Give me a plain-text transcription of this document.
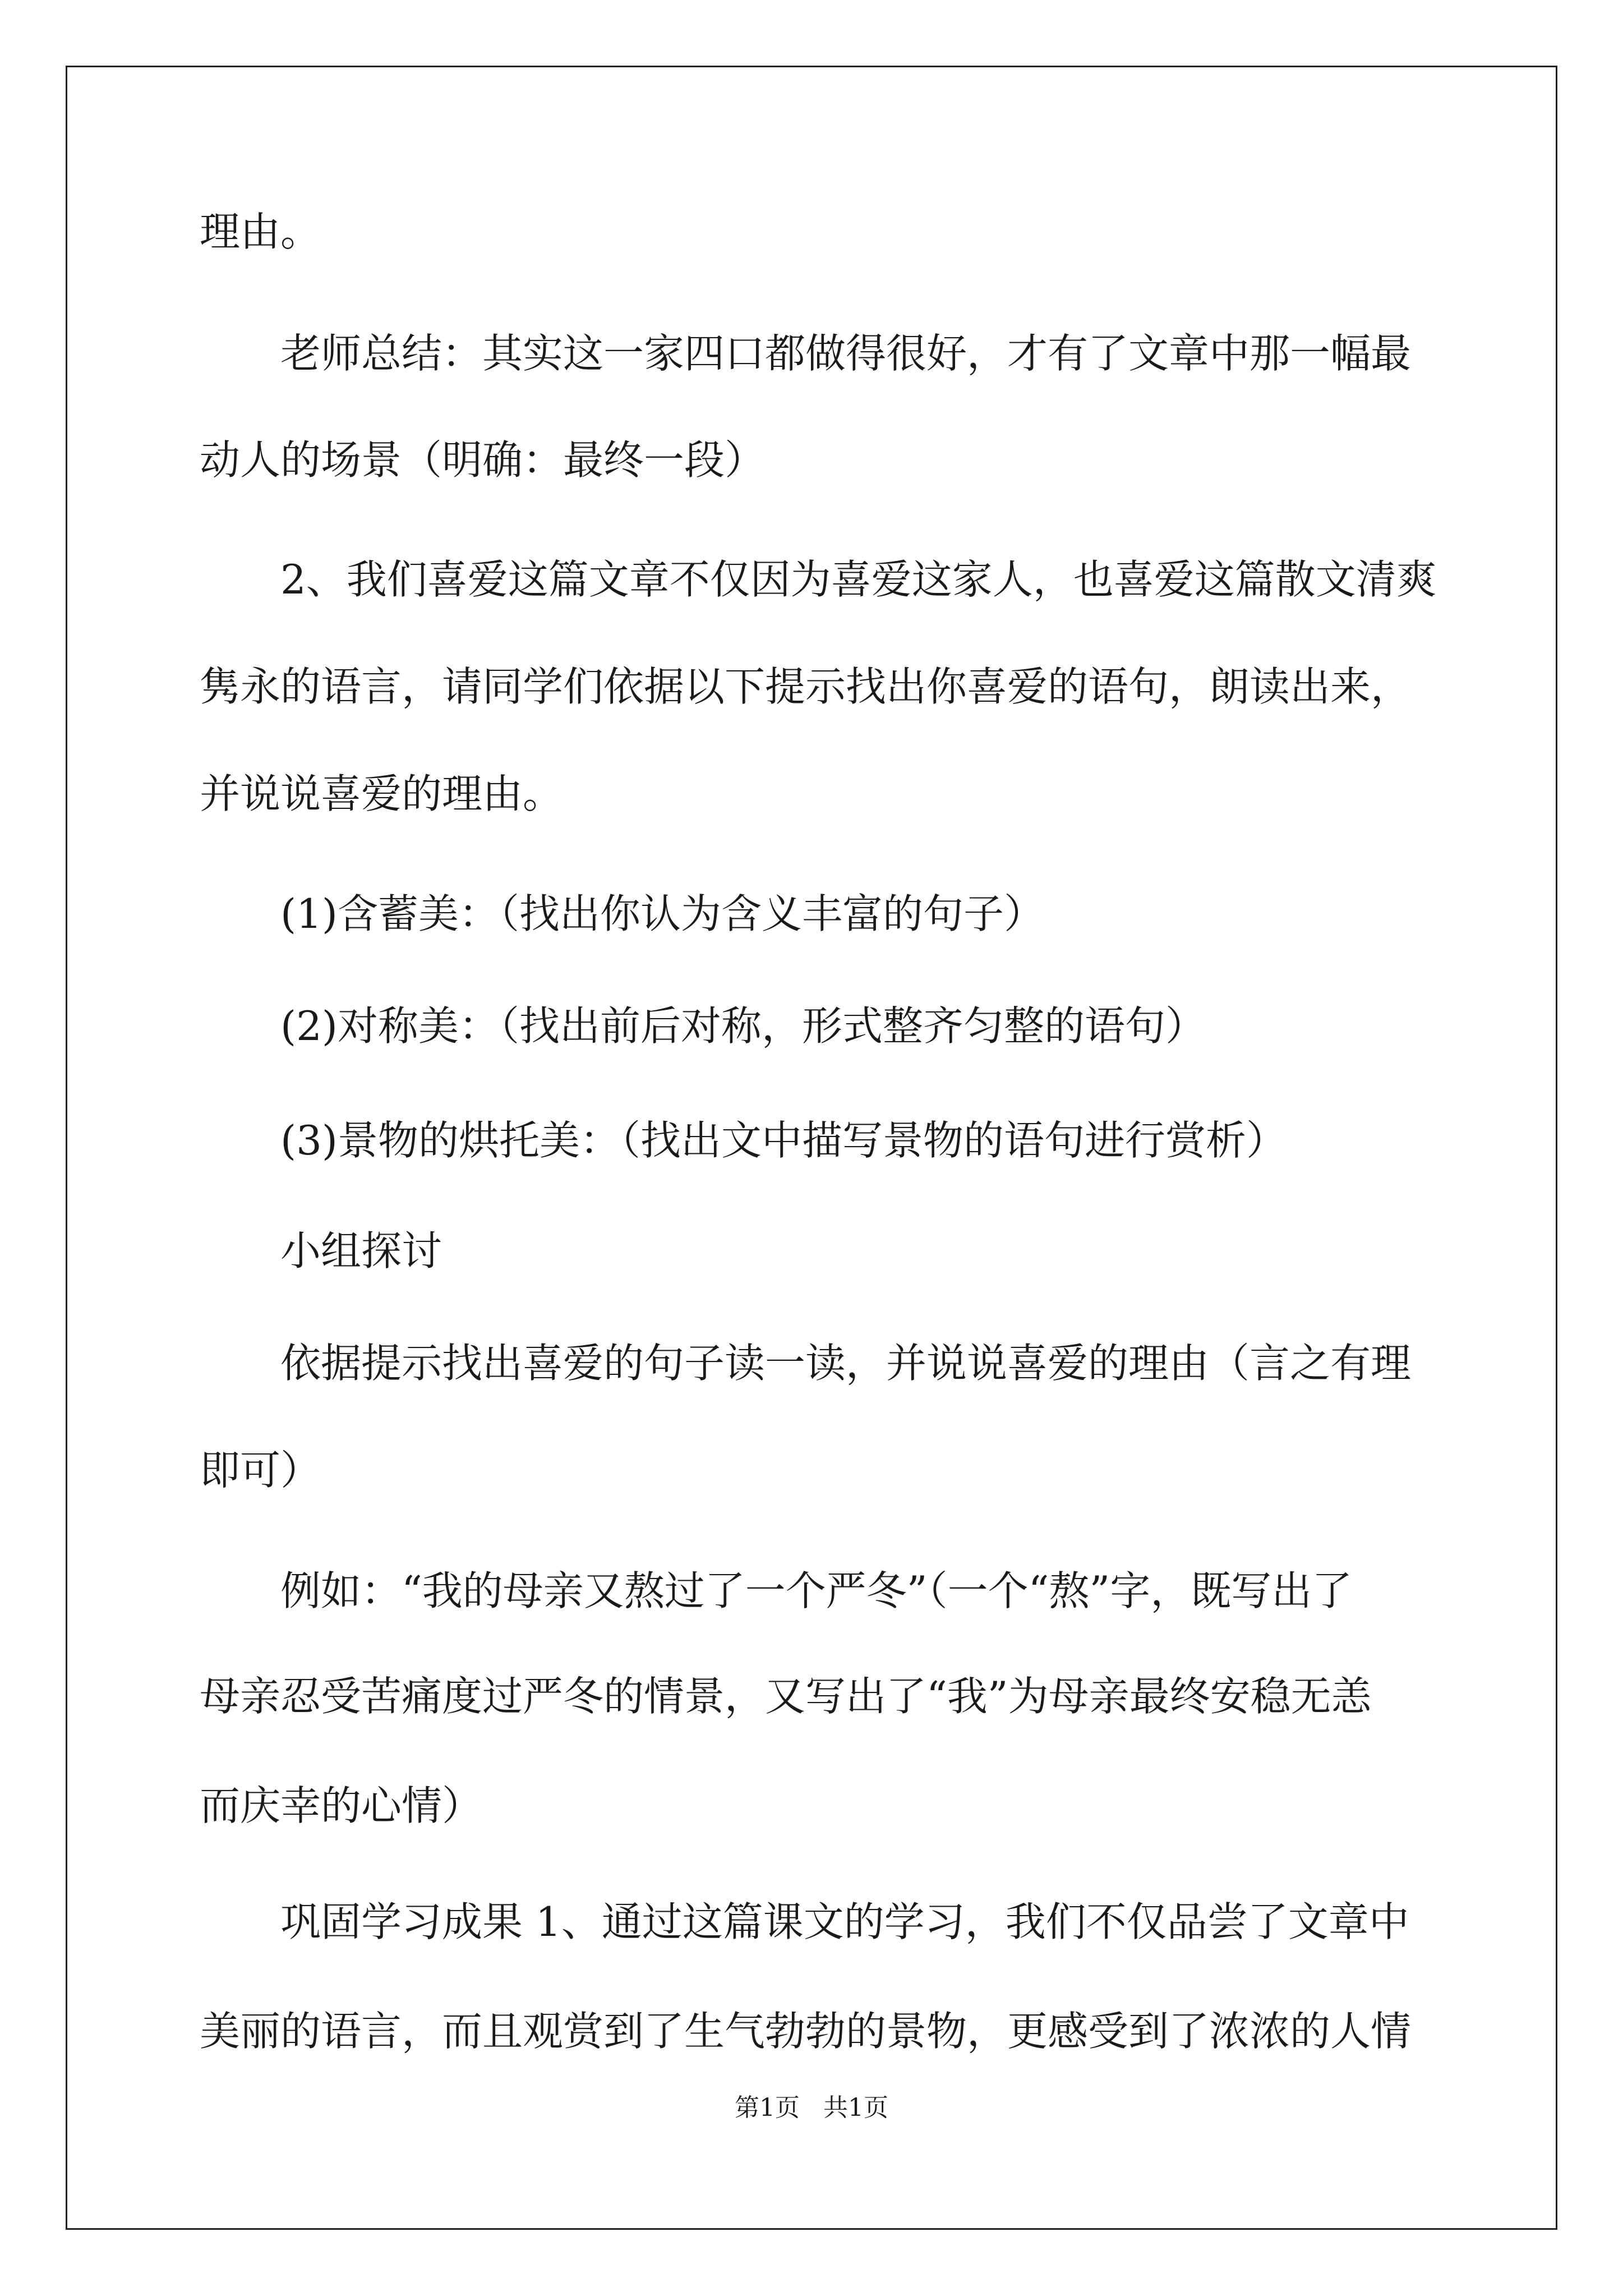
理由。
老师总结：其实这一家四口都做得很好，才有了文章中那一幅最
动人的场景（明确：最终一段）
2、我们喜爱这篇文章不仅因为喜爱这家人，也喜爱这篇散文清爽
隽永的语言，请同学们依据以下提示找出你喜爱的语句，朗读出来，
并说说喜爱的理由。
(1)含蓄美：（找出你认为含义丰富的句子）
(2)对称美：（找出前后对称，形式整齐匀整的语句）
(3)景物的烘托美：（找出文中描写景物的语句进行赏析）
小组探讨
依据提示找出喜爱的句子读一读，并说说喜爱的理由（言之有理
即可）
例如：“我的母亲又熬过了一个严冬”（一个“熬”字，既写出了
母亲忍受苦痛度过严冬的情景，又写出了“我”为母亲最终安稳无恙
而庆幸的心情）
巩固学习成果 1、通过这篇课文的学习，我们不仅品尝了文章中
美丽的语言，而且观赏到了生气勃勃的景物，更感受到了浓浓的人情
第1页   共1页
